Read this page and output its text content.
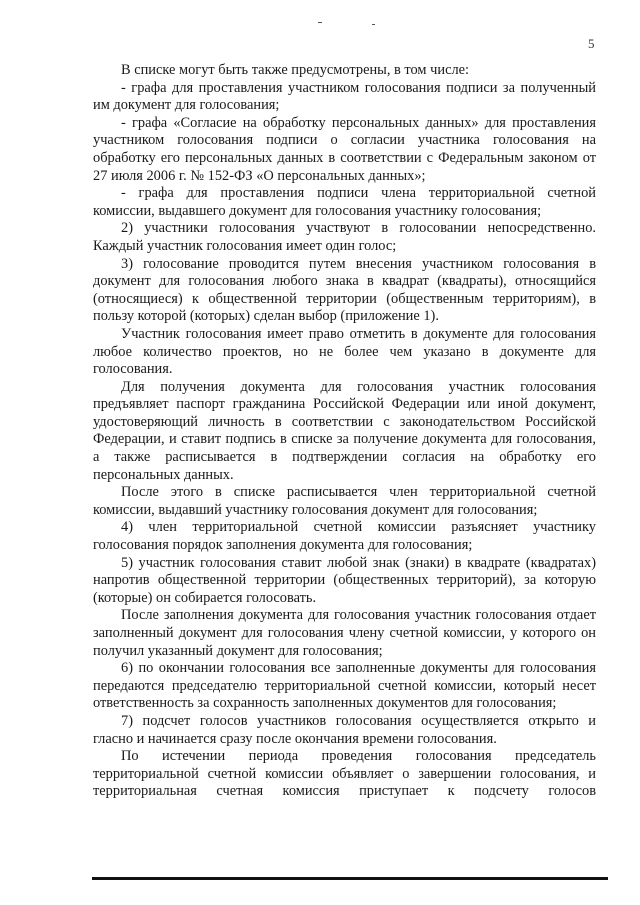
5

В списке могут быть также предусмотрены, в том числе:

- графа для проставления участником голосования подписи за полученный им документ для голосования;

- графа «Согласие на обработку персональных данных» для проставления участником голосования подписи о согласии участника голосования на обработку его персональных данных в соответствии с Федеральным законом от 27 июля 2006 г. № 152-ФЗ «О персональных данных»;

- графа для проставления подписи члена территориальной счетной комиссии, выдавшего документ для голосования участнику голосования;

2) участники голосования участвуют в голосовании непосредственно. Каждый участник голосования имеет один голос;

3) голосование проводится путем внесения участником голосования в документ для голосования любого знака в квадрат (квадраты), относящийся (относящиеся) к общественной территории (общественным территориям), в пользу которой (которых) сделан выбор (приложение 1).

Участник голосования имеет право отметить в документе для голосования любое количество проектов, но не более чем указано в документе для голосования.

Для получения документа для голосования участник голосования предъявляет паспорт гражданина Российской Федерации или иной документ, удостоверяющий личность в соответствии с законодательством Российской Федерации, и ставит подпись в списке за получение документа для голосования, а также расписывается в подтверждении согласия на обработку его персональных данных.

После этого в списке расписывается член территориальной счетной комиссии, выдавший участнику голосования документ для голосования;

4) член территориальной счетной комиссии разъясняет участнику голосования порядок заполнения документа для голосования;

5) участник голосования ставит любой знак (знаки) в квадрате (квадратах) напротив общественной территории (общественных территорий), за которую (которые) он собирается голосовать.

После заполнения документа для голосования участник голосования отдает заполненный документ для голосования члену счетной комиссии, у которого он получил указанный документ для голосования;

6) по окончании голосования все заполненные документы для голосования передаются председателю территориальной счетной комиссии, который несет ответственность за сохранность заполненных документов для голосования;

7) подсчет голосов участников голосования осуществляется открыто и гласно и начинается сразу после окончания времени голосования.

По истечении периода проведения голосования председатель территориальной счетной комиссии объявляет о завершении голосования, и территориальная счетная комиссия приступает к подсчету голосов
